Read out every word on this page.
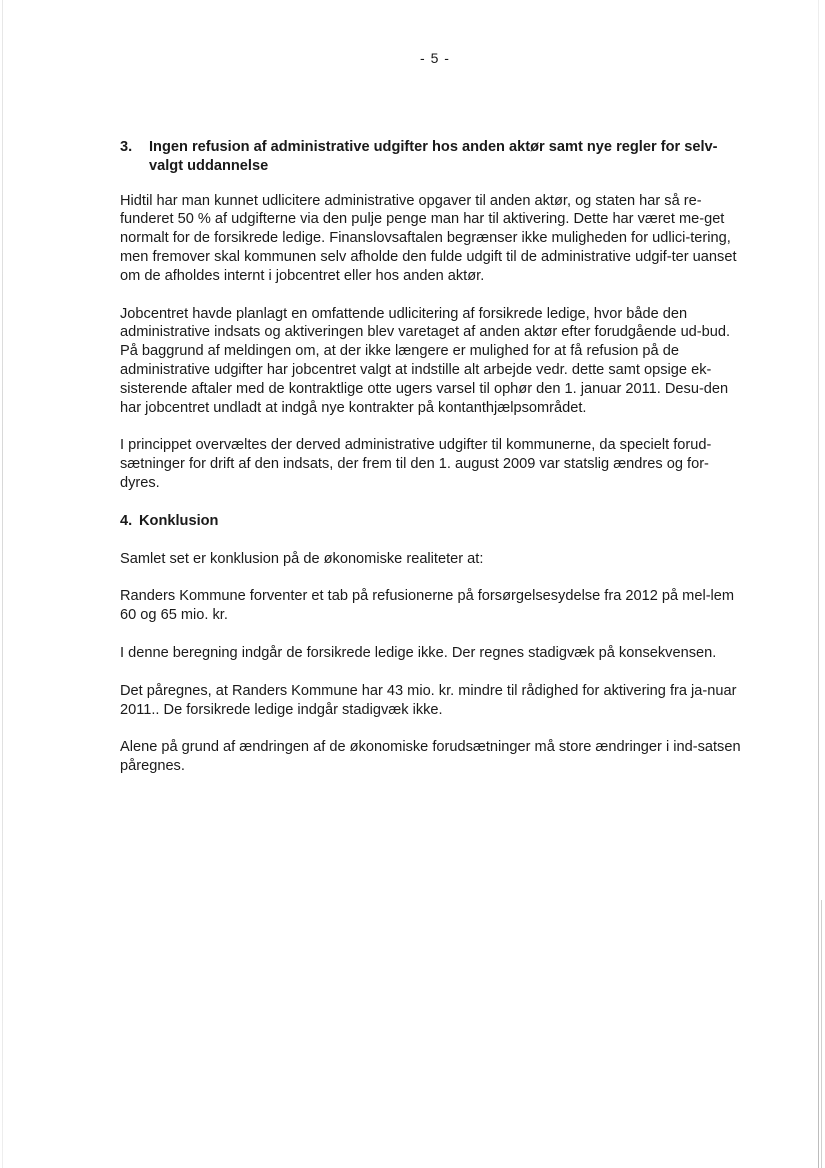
- 5 -
3.	Ingen refusion af administrative udgifter hos anden aktør samt nye regler for selv-valgt uddannelse

Hidtil har man kunnet udlicitere administrative opgaver til anden aktør, og staten har så re-funderet 50 % af udgifterne via den pulje penge man har til aktivering. Dette har været me-get normalt for de forsikrede ledige. Finanslovsaftalen begrænser ikke muligheden for udlici-tering, men fremover skal kommunen selv afholde den fulde udgift til de administrative udgif-ter uanset om de afholdes internt i jobcentret eller hos anden aktør.

Jobcentret havde planlagt en omfattende udlicitering af forsikrede ledige, hvor både den administrative indsats og aktiveringen blev varetaget af anden aktør efter forudgående ud-bud. På baggrund af meldingen om, at der ikke længere er mulighed for at få refusion på de administrative udgifter har jobcentret valgt at indstille alt arbejde vedr. dette samt opsige ek-sisterende aftaler med de kontraktlige otte ugers varsel til ophør den 1. januar 2011. Desu-den har jobcentret undladt at indgå nye kontrakter på kontanthjælpsområdet.

I princippet overvæltes der derved administrative udgifter til kommunerne, da specielt forud-sætninger for drift af den indsats, der frem til den 1. august 2009 var statslig ændres og for-dyres.

4. Konklusion

Samlet set er konklusion på de økonomiske realiteter at:

Randers Kommune forventer et tab på refusionerne på forsørgelsesydelse fra 2012 på mel-lem 60 og 65 mio. kr.

I denne beregning indgår de forsikrede ledige ikke. Der regnes stadigvæk på konsekvensen.

Det påregnes, at Randers Kommune har 43 mio. kr. mindre til rådighed for aktivering fra ja-nuar 2011.. De forsikrede ledige indgår stadigvæk ikke.

Alene på grund af ændringen af de økonomiske forudsætninger må store ændringer i ind-satsen påregnes.
